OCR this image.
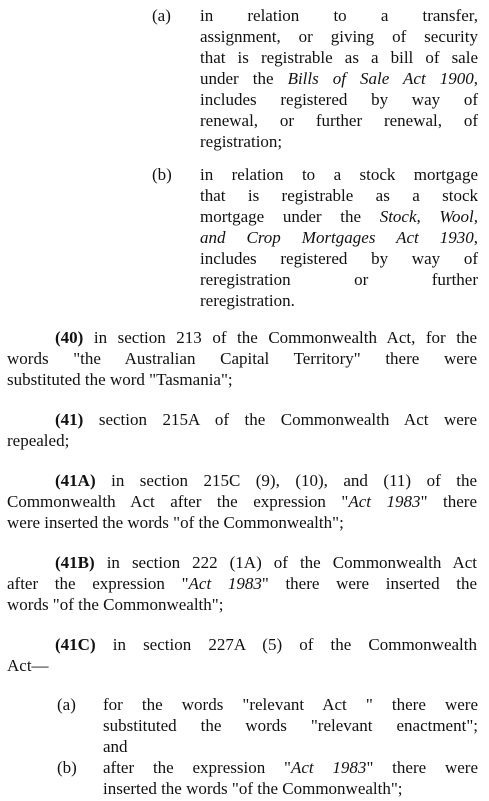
(a) in relation to a transfer,
assignment, or giving of security
that is registrable as a bill of sale
under the Bills of Sale Act 1900,
includes registered by way of
renewal, or further renewal, of
registration;
(b) in relation to a stock mortgage
that is registrable as a stock
mortgage under the Stock, Wool,
and Crop Mortgages Act 1930,
includes registered by way of
reregistration or further
reregistration.
(40) in section 213 of the Commonwealth Act, for the
words "the Australian Capital Territory" there were
substituted the word "Tasmania";
(41) section 215A of the Commonwealth Act were
repealed;
(41A) in section 215C (9), (10), and (11) of the
Commonwealth Act after the expression "Act 1983" there
were inserted the words "of the Commonwealth";
(41B) in section 222 (1A) of the Commonwealth Act
after the expression "Act 1983" there were inserted the
words "of the Commonwealth";
(41C) in section 227A (5) of the Commonwealth
Act—
(a) for the words "relevant Act " there were
substituted the words "relevant enactment";
and
(b) after the expression "Act 1983" there were
inserted the words "of the Commonwealth";
